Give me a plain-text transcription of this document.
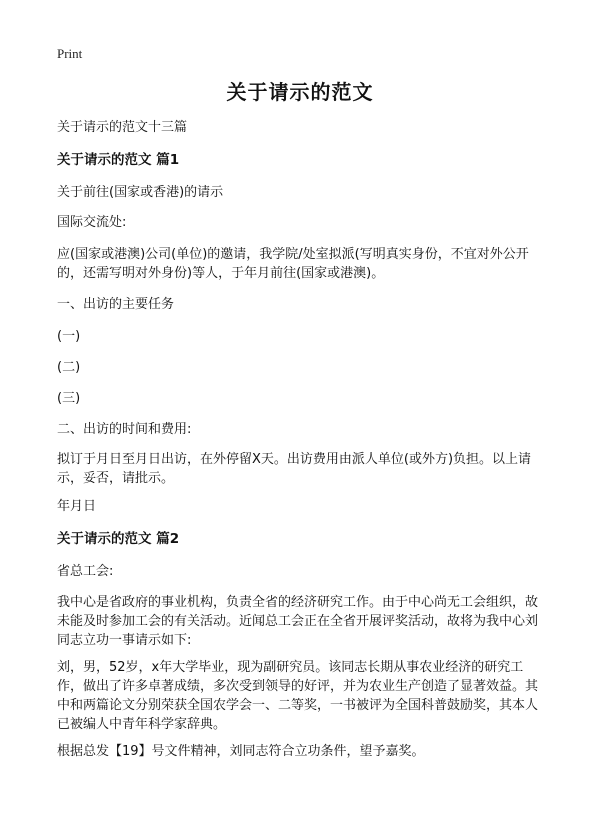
Print
关于请示的范文
关于请示的范文十三篇
关于请示的范文 篇1
关于前往(国家或香港)的请示
国际交流处:
应(国家或港澳)公司(单位)的邀请，我学院/处室拟派(写明真实身份，不宜对外公开的，还需写明对外身份)等人，于年月前往(国家或港澳)。
一、出访的主要任务
(一)
(二)
(三)
二、出访的时间和费用:
拟订于月日至月日出访，在外停留X天。出访费用由派人单位(或外方)负担。以上请示，妥否，请批示。
年月日
关于请示的范文 篇2
省总工会:
我中心是省政府的事业机构，负责全省的经济研究工作。由于中心尚无工会组织，故未能及时参加工会的有关活动。近闻总工会正在全省开展评奖活动，故将为我中心刘同志立功一事请示如下:
刘，男，52岁，x年大学毕业，现为副研究员。该同志长期从事农业经济的研究工作，做出了许多卓著成绩，多次受到领导的好评，并为农业生产创造了显著效益。其中和两篇论文分别荣获全国农学会一、二等奖，一书被评为全国科普鼓励奖，其本人已被编人中青年科学家辞典。
根据总发【19】号文件精神，刘同志符合立功条件，望予嘉奖。
